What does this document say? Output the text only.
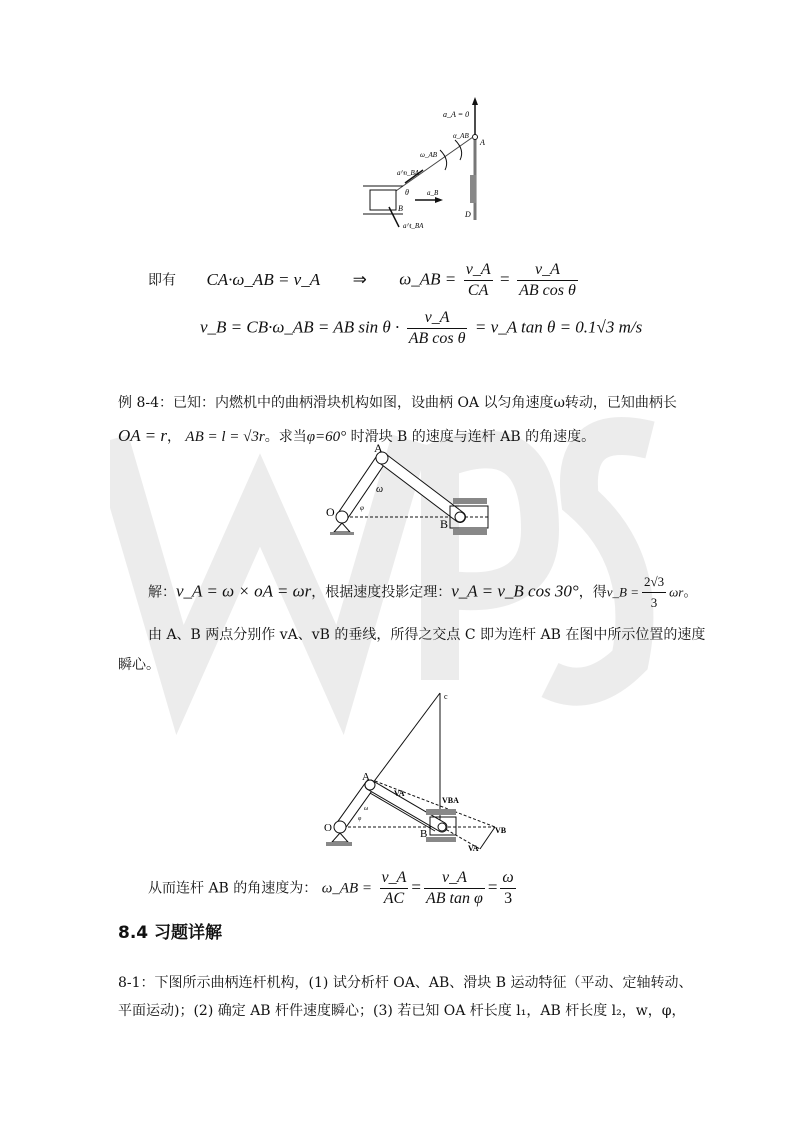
a_A = 0
α_AB
A
ω_AB
a^n_BA
θ	a_B
B
D
a^t_BA
即有 CA·ω_AB = v_A ⇒ ω_AB = $\frac{v\_A}{CA} = \frac{v\_A}{\text{AB cos θ}}$
v_B = CB·ω_AB = AB $\sin \theta \cdot \frac{v\_A}{\text{AB cos θ}}$ = v_A tan θ = 0.1√3 m/s
例 8-4：已知：内燃机中的曲柄滑块机构如图，设曲柄 OA 以匀角速度ω转动，已知曲柄长
OA = r， AB = l = √3r。求当φ=60° 时滑块 B 的速度与连杆 AB 的角速度。
A
O
B
ω
φ
解：v_A = ω × oA = ωr，根据速度投影定理：v_A = v_B cos 30°，得v_B = $\frac{2√3}{3}$ ωr。
由 A、B 两点分别作 vA、vB 的垂线，所得之交点 C 即为连杆 AB 在图中所示位置的速度
瞬心。
c
A
VA
VBA
O	B	VB
VA
ω
φ
从而连杆 AB 的角速度为： ω_AB = $\frac{v\_A}{AC} = \frac{v\_A}{\text{AB tan φ}} = \frac{\omega}{3}$
8.4 习题详解
8-1：下图所示曲柄连杆机构，(1) 试分析杆 OA、AB、滑块 B 运动特征（平动、定轴转动、
平面运动)；(2) 确定 AB 杆件速度瞬心；(3) 若已知 OA 杆长度 l₁，AB 杆长度 l₂，w，φ，
